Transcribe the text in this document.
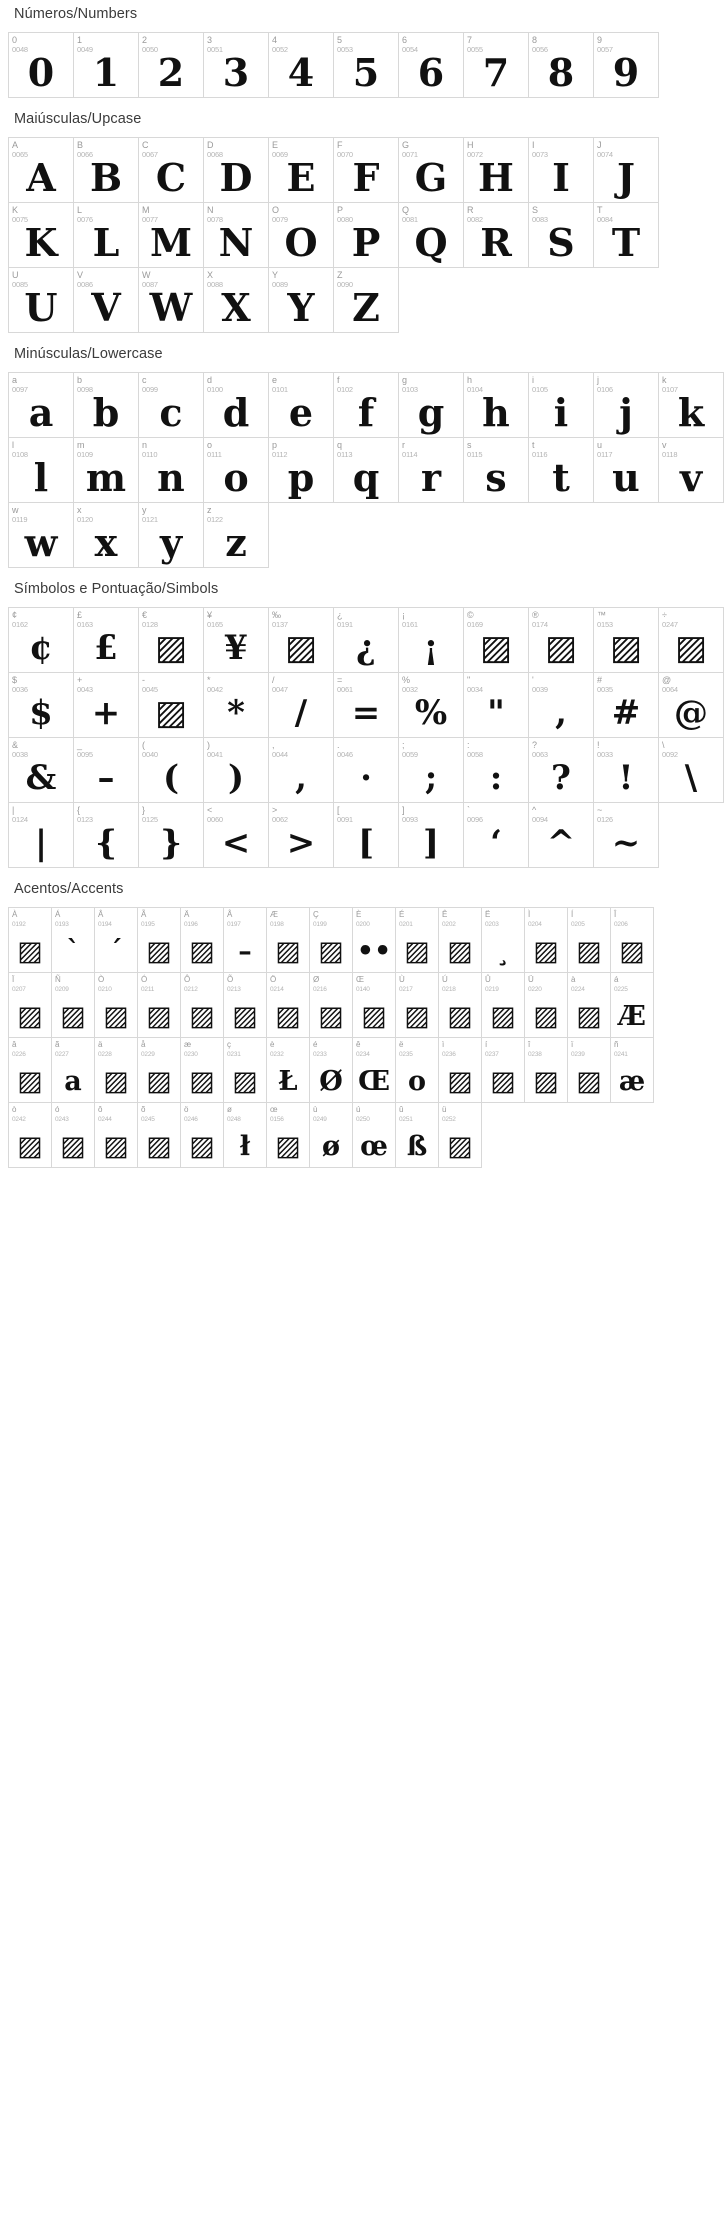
Números/Numbers
0
0048
0
1
0049
1
2
0050
2
3
0051
3
4
0052
4
5
0053
5
6
0054
6
7
0055
7
8
0056
8
9
0057
9
Maiúsculas/Upcase
A
0065
A
B
0066
B
C
0067
C
D
0068
D
E
0069
E
F
0070
F
G
0071
G
H
0072
H
I
0073
I
J
0074
J
K
0075
K
L
0076
L
M
0077
M
N
0078
N
O
0079
O
P
0080
P
Q
0081
Q
R
0082
R
S
0083
S
T
0084
T
U
0085
U
V
0086
V
W
0087
W
X
0088
X
Y
0089
Y
Z
0090
Z
Minúsculas/Lowercase
a
0097
a
b
0098
b
c
0099
c
d
0100
d
e
0101
e
f
0102
f
g
0103
g
h
0104
h
i
0105
i
j
0106
j
k
0107
k
l
0108
l
m
0109
m
n
0110
n
o
0111
o
p
0112
p
q
0113
q
r
0114
r
s
0115
s
t
0116
t
u
0117
u
v
0118
v
w
0119
w
x
0120
x
y
0121
y
z
0122
z
Símbolos e Pontuação/Simbols
¢
0162
¢
£
0163
£
€
0128
▨
¥
0165
¥
‰
0137
▨
¿
0191
¿
¡
0161
¡
©
0169
▨
®
0174
▨
™
0153
▨
÷
0247
▨
$
0036
$
+
0043
+
-
0045
▨
*
0042
*
/
0047
/
=
0061
=
%
0032
%
"
0034
"
'
0039
,
#
0035
#
@
0064
@
&
0038
&
_
0095
–
(
0040
(
)
0041
)
,
0044
,
.
0046
·
;
0059
;
:
0058
:
?
0063
?
!
0033
!
\
0092
\
|
0124
|
{
0123
{
}
0125
}
<
0060
<
>
0062
>
[
0091
[
]
0093
]
`
0096
‘
^
0094
^
~
0126
~
Acentos/Accents
À
0192
▨
Á
0193
`
Â
0194
´
Ã
0195
▨
Ä
0196
▨
Å
0197
–
Æ
0198
▨
Ç
0199
▨
È
0200
••
É
0201
▨
Ê
0202
▨
Ë
0203
¸
Ì
0204
▨
Í
0205
▨
Î
0206
▨
Ï
0207
▨
Ñ
0209
▨
Ò
0210
▨
Ó
0211
▨
Ô
0212
▨
Õ
0213
▨
Ö
0214
▨
Ø
0216
▨
Œ
0140
▨
Ù
0217
▨
Ú
0218
▨
Û
0219
▨
Ü
0220
▨
à
0224
▨
á
0225
Æ
â
0226
▨
ã
0227
a
ä
0228
▨
å
0229
▨
æ
0230
▨
ç
0231
▨
è
0232
Ł
é
0233
Ø
ê
0234
Œ
ë
0235
o
ì
0236
▨
í
0237
▨
î
0238
▨
ï
0239
▨
ñ
0241
æ
ò
0242
▨
ó
0243
▨
ô
0244
▨
õ
0245
▨
ö
0246
▨
ø
0248
ł
œ
0156
▨
ù
0249
ø
ú
0250
œ
û
0251
ß
ü
0252
▨
